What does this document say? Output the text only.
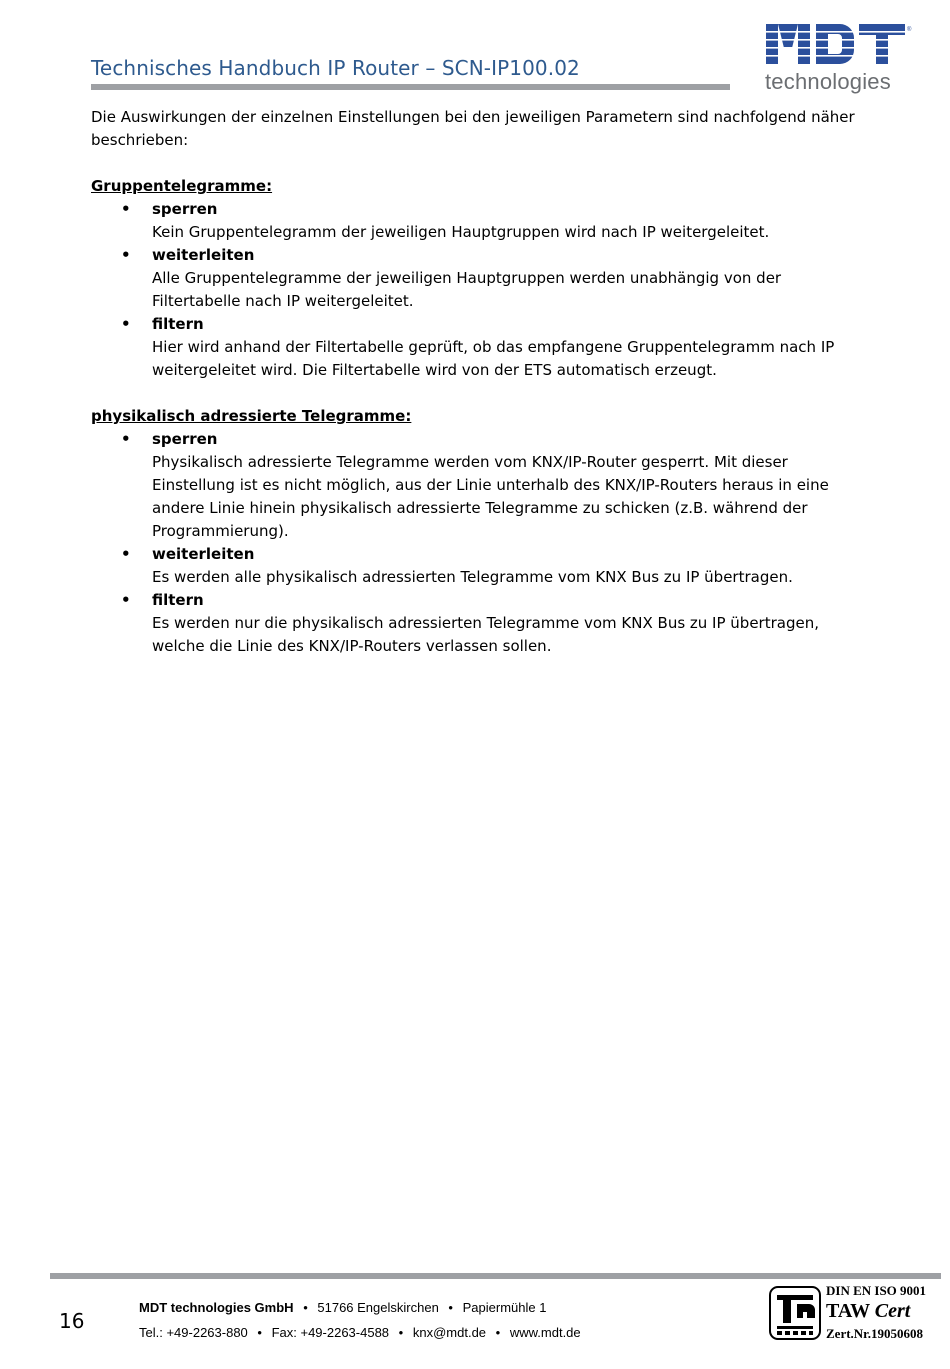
Technisches Handbuch IP Router – SCN-IP100.02
®
technologies
Die Auswirkungen der einzelnen Einstellungen bei den jeweiligen Parametern sind nachfolgend näher beschrieben:
Gruppentelegramme:
• sperren
Kein Gruppentelegramm der jeweiligen Hauptgruppen wird nach IP weitergeleitet.
• weiterleiten
Alle Gruppentelegramme der jeweiligen Hauptgruppen werden unabhängig von der Filtertabelle nach IP weitergeleitet.
• filtern
Hier wird anhand der Filtertabelle geprüft, ob das empfangene Gruppentelegramm nach IP weitergeleitet wird. Die Filtertabelle wird von der ETS automatisch erzeugt.
physikalisch adressierte Telegramme:
• sperren
Physikalisch adressierte Telegramme werden vom KNX/IP-Router gesperrt. Mit dieser Einstellung ist es nicht möglich, aus der Linie unterhalb des KNX/IP-Routers heraus in eine andere Linie hinein physikalisch adressierte Telegramme zu schicken (z.B. während der Programmierung).
• weiterleiten
Es werden alle physikalisch adressierten Telegramme vom KNX Bus zu IP übertragen.
• filtern
Es werden nur die physikalisch adressierten Telegramme vom KNX Bus zu IP übertragen, welche die Linie des KNX/IP-Routers verlassen sollen.
16
MDT technologies GmbH • 51766 Engelskirchen • Papiermühle 1
Tel.: +49-2263-880 • Fax: +49-2263-4588 • knx@mdt.de • www.mdt.de
DIN EN ISO 9001
TAW Cert
Zert.Nr.19050608
